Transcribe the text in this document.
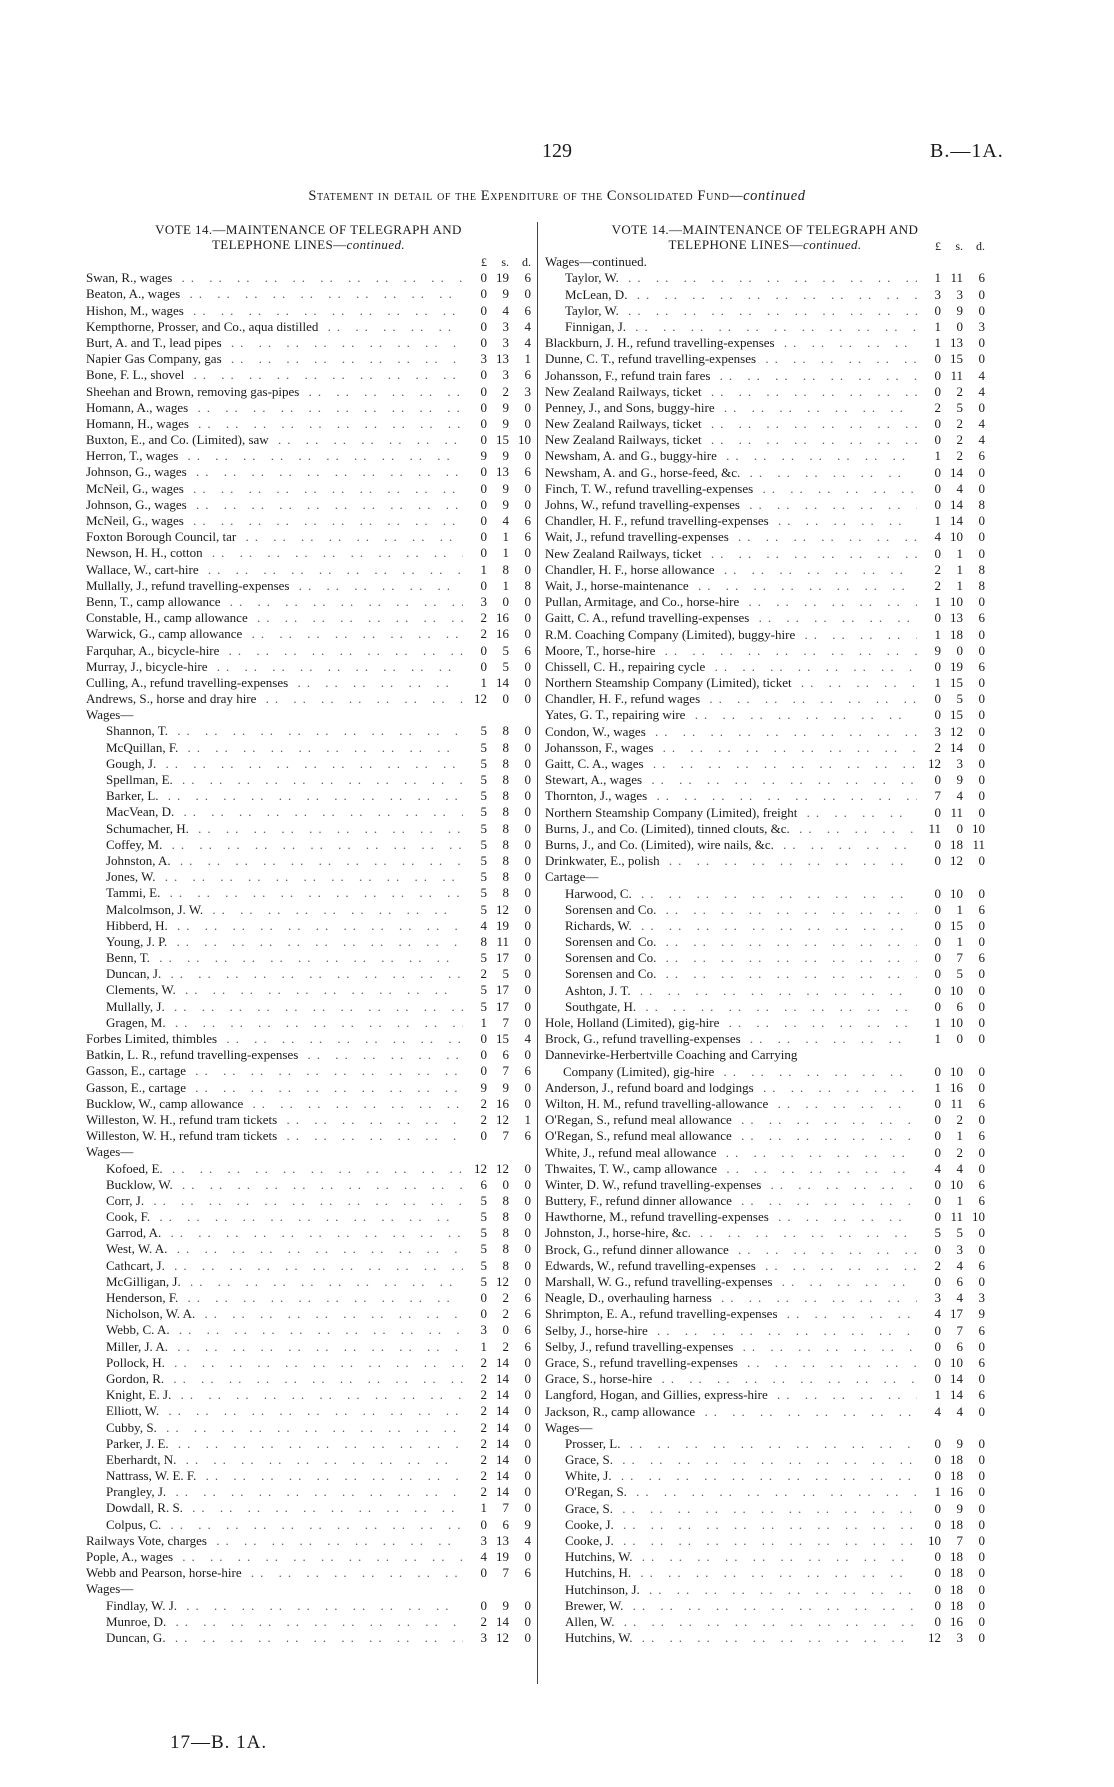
129	B.—1A.
Statement in detail of the Expenditure of the Consolidated Fund—continued
VOTE 14.—MAINTENANCE OF TELEGRAPH AND
TELEPHONE LINES—continued.
£	s.	d.
Swan, R., wages .. ..	0 19	6
Beaton, A., wages .. ..	0	9	0
Hishon, M., wages .. ..	0	4	6
Kempthorne, Prosser, and Co., aqua distilled .. ..	0	3	4
Burt, A. and T., lead pipes .. ..	0	3	4
Napier Gas Company, gas .. ..	3 13	1
Bone, F. L., shovel .. ..	0	3	6
Sheehan and Brown, removing gas-pipes .. ..	0	2	3
Homann, A., wages .. ..	0	9	0
Homann, H., wages .. ..	0	9	0
Buxton, E., and Co. (Limited), saw .. ..	0 15 10
Herron, T., wages .. ..	9	9	0
Johnson, G., wages .. ..	0 13	6
McNeil, G., wages .. ..	0	9	0
Johnson, G., wages .. ..	0	9	0
McNeil, G., wages .. ..	0	4	6
Foxton Borough Council, tar .. ..	0	1	6
Newson, H. H., cotton .. ..	0	1	0
Wallace, W., cart-hire .. ..	1	8	0
Mullally, J., refund travelling-expenses .. ..	0	1	8
Benn, T., camp allowance .. ..	3	0	0
Constable, H., camp allowance .. ..	2 16	0
Warwick, G., camp allowance .. ..	2 16	0
Farquhar, A., bicycle-hire .. ..	0	5	6
Murray, J., bicycle-hire .. ..	0	5	0
Culling, A., refund travelling-expenses .. ..	1 14	0
Andrews, S., horse and dray hire .. ..	12	0	0
Wages—
Shannon, T. .. ..	5	8	0
McQuillan, F. .. ..	5	8	0
Gough, J. .. ..	5	8	0
Spellman, E. .. ..	5	8	0
Barker, L. .. ..	5	8	0
MacVean, D. .. ..	5	8	0
Schumacher, H. .. ..	5	8	0
Coffey, M. .. ..	5	8	0
Johnston, A. .. ..	5	8	0
Jones, W. .. ..	5	8	0
Tammi, E. .. ..	5	8	0
Malcolmson, J. W. .. ..	5 12	0
Hibberd, H. .. ..	4 19	0
Young, J. P. .. ..	8 11	0
Benn, T. .. ..	5 17	0
Duncan, J. .. ..	2	5	0
Clements, W. .. ..	5 17	0
Mullally, J. .. ..	5 17	0
Gragen, M. .. ..	1	7	0
Forbes Limited, thimbles .. ..	0 15	4
Batkin, L. R., refund travelling-expenses .. ..	0	6	0
Gasson, E., cartage .. ..	0	7	6
Gasson, E., cartage .. ..	9	9	0
Bucklow, W., camp allowance .. ..	2 16	0
Willeston, W. H., refund tram tickets .. ..	2 12	1
Willeston, W. H., refund tram tickets .. ..	0	7	6
Wages—
Kofoed, E. .. ..	12 12	0
Bucklow, W. .. ..	6	0	0
Corr, J. .. ..	5	8	0
Cook, F. .. ..	5	8	0
Garrod, A. .. ..	5	8	0
West, W. A. .. ..	5	8	0
Cathcart, J. .. ..	5	8	0
McGilligan, J. .. ..	5 12	0
Henderson, F. .. ..	0	2	6
Nicholson, W. A. .. ..	0	2	6
Webb, C. A. .. ..	3	0	6
Miller, J. A. .. ..	1	2	6
Pollock, H. .. ..	2 14	0
Gordon, R. .. ..	2 14	0
Knight, E. J. .. ..	2 14	0
Elliott, W. .. ..	2 14	0
Cubby, S. .. ..	2 14	0
Parker, J. E. .. ..	2 14	0
Eberhardt, N. .. ..	2 14	0
Nattrass, W. E. F. .. ..	2 14	0
Prangley, J. .. ..	2 14	0
Dowdall, R. S. .. ..	1	7	0
Colpus, C. .. ..	0	6	9
Railways Vote, charges .. ..	3 13	4
Pople, A., wages .. ..	4 19	0
Webb and Pearson, horse-hire .. ..	0	7	6
Wages—
Findlay, W. J. .. ..	0	9	0
Munroe, D. .. ..	2 14	0
Duncan, G. .. ..	3 12	0
VOTE 14.—MAINTENANCE OF TELEGRAPH AND
TELEPHONE LINES—continued.	£	s.	d.
Wages—continued.
Taylor, W. .. ..	1 11	6
McLean, D. .. ..	3	3	0
Taylor, W. .. ..	0	9	0
Finnigan, J. .. ..	1	0	3
Blackburn, J. H., refund travelling-expenses .. ..	1 13	0
Dunne, C. T., refund travelling-expenses .. ..	0 15	0
Johansson, F., refund train fares .. ..	0 11	4
New Zealand Railways, ticket .. ..	0	2	4
Penney, J., and Sons, buggy-hire .. ..	2	5	0
New Zealand Railways, ticket .. ..	0	2	4
New Zealand Railways, ticket .. ..	0	2	4
Newsham, A. and G., buggy-hire .. ..	1	2	6
Newsham, A. and G., horse-feed, &c. .. ..	0 14	0
Finch, T. W., refund travelling-expenses .. ..	0	4	0
Johns, W., refund travelling-expenses .. ..	0 14	8
Chandler, H. F., refund travelling-expenses .. ..	1 14	0
Wait, J., refund travelling-expenses .. ..	4 10	0
New Zealand Railways, ticket .. ..	0	1	0
Chandler, H. F., horse allowance .. ..	2	1	8
Wait, J., horse-maintenance .. ..	2	1	8
Pullan, Armitage, and Co., horse-hire .. ..	1 10	0
Gaitt, C. A., refund travelling-expenses .. ..	0 13	6
R.M. Coaching Company (Limited), buggy-hire .. ..	1 18	0
Moore, T., horse-hire .. ..	9	0	0
Chissell, C. H., repairing cycle .. ..	0 19	6
Northern Steamship Company (Limited), ticket .. ..	1 15	0
Chandler, H. F., refund wages .. ..	0	5	0
Yates, G. T., repairing wire .. ..	0 15	0
Condon, W., wages .. ..	3 12	0
Johansson, F., wages .. ..	2 14	0
Gaitt, C. A., wages .. ..	12	3	0
Stewart, A., wages .. ..	0	9	0
Thornton, J., wages .. ..	7	4	0
Northern Steamship Company (Limited), freight .. ..	0 11	0
Burns, J., and Co. (Limited), tinned clouts, &c. .. ..	11	0 10
Burns, J., and Co. (Limited), wire nails, &c. .. ..	0 18 11
Drinkwater, E., polish .. ..	0 12	0
Cartage—
Harwood, C. .. ..	0 10	0
Sorensen and Co. .. ..	0	1	6
Richards, W. .. ..	0 15	0
Sorensen and Co. .. ..	0	1	0
Sorensen and Co. .. ..	0	7	6
Sorensen and Co. .. ..	0	5	0
Ashton, J. T. .. ..	0 10	0
Southgate, H. .. ..	0	6	0
Hole, Holland (Limited), gig-hire .. ..	1 10	0
Brock, G., refund travelling-expenses .. ..	1	0	0
Dannevirke-Herbertville Coaching and Carrying
Company (Limited), gig-hire .. ..	0 10	0
Anderson, J., refund board and lodgings .. ..	1 16	0
Wilton, H. M., refund travelling-allowance .. ..	0 11	6
O'Regan, S., refund meal allowance .. ..	0	2	0
O'Regan, S., refund meal allowance .. ..	0	1	6
White, J., refund meal allowance .. ..	0	2	0
Thwaites, T. W., camp allowance .. ..	4	4	0
Winter, D. W., refund travelling-expenses .. ..	0 10	6
Buttery, F., refund dinner allowance .. ..	0	1	6
Hawthorne, M., refund travelling-expenses .. ..	0 11 10
Johnston, J., horse-hire, &c. .. ..	5	5	0
Brock, G., refund dinner allowance .. ..	0	3	0
Edwards, W., refund travelling-expenses .. ..	2	4	6
Marshall, W. G., refund travelling-expenses .. ..	0	6	0
Neagle, D., overhauling harness .. ..	3	4	3
Shrimpton, E. A., refund travelling-expenses .. ..	4 17	9
Selby, J., horse-hire .. ..	0	7	6
Selby, J., refund travelling-expenses .. ..	0	6	0
Grace, S., refund travelling-expenses .. ..	0 10	6
Grace, S., horse-hire .. ..	0 14	0
Langford, Hogan, and Gillies, express-hire .. ..	1 14	6
Jackson, R., camp allowance .. ..	4	4	0
Wages—
Prosser, L. .. ..	0	9	0
Grace, S. .. ..	0 18	0
White, J. .. ..	0 18	0
O'Regan, S. .. ..	1 16	0
Grace, S. .. ..	0	9	0
Cooke, J. .. ..	0 18	0
Cooke, J. .. ..	10	7	0
Hutchins, W. .. ..	0 18	0
Hutchins, H. .. ..	0 18	0
Hutchinson, J. .. ..	0 18	0
Brewer, W. .. ..	0 18	0
Allen, W. .. ..	0 16	0
Hutchins, W. .. ..	12	3	0
17—B. 1A.
